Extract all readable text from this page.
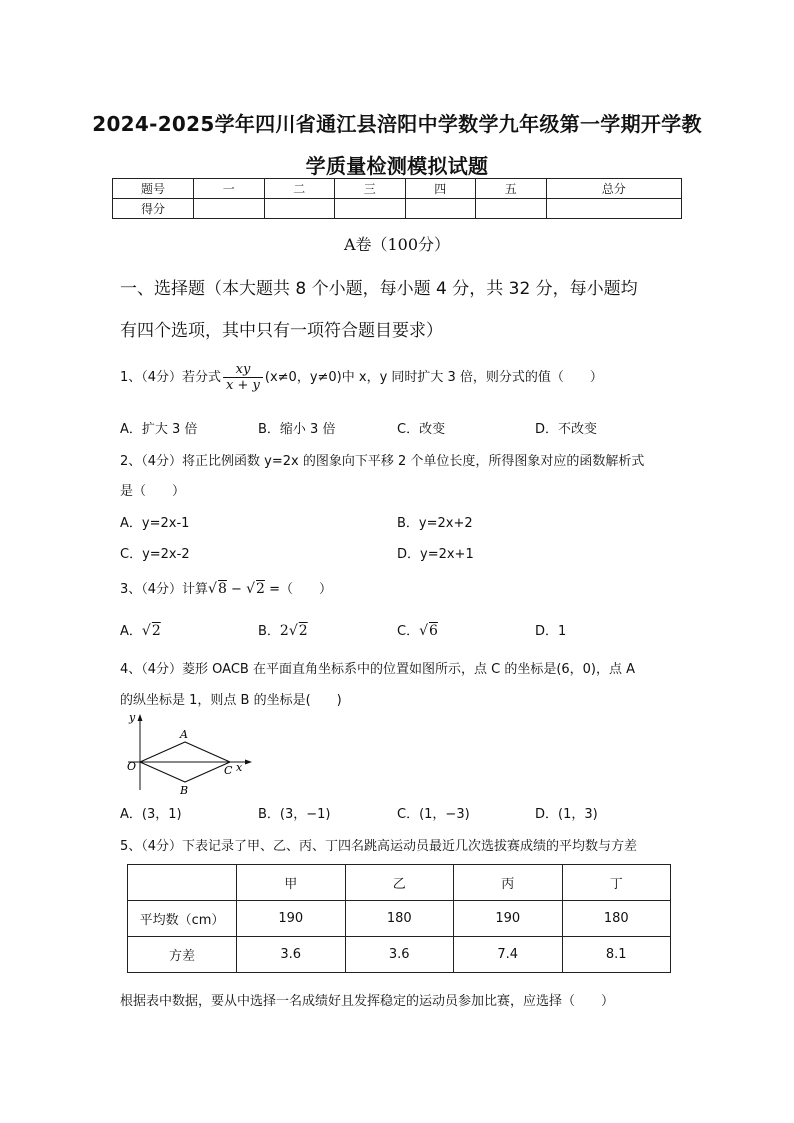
2024-2025学年四川省通江县涪阳中学数学九年级第一学期开学教
学质量检测模拟试题
题号	一	二	三	四	五	总分
得分						
A卷（100分）
一、选择题（本大题共 8 个小题，每小题 4 分，共 32 分，每小题均
有四个选项，其中只有一项符合题目要求）
1、（4分）若分式 $\frac{xy}{x + y} (x\ne 0$，y≠0)中 x，y 同时扩大 3 倍，则分式的值（　　）
A．扩大 3 倍	B．缩小 3 倍	C．改变	D．不改变
2、（4分）将正比例函数 y=2x 的图象向下平移 2 个单位长度，所得图象对应的函数解析式
是（　　）
A．y=2x-1	B．y=2x+2
C．y=2x-2	D．y=2x+1
3、（4分）计算√8 − √2 =（　　）
A．√2	B．2√2	C．√6	D．1
4、（4分）菱形 OACB 在平面直角坐标系中的位置如图所示，点 C 的坐标是(6，0)，点 A
的纵坐标是 1，则点 B 的坐标是(　　)
y
x
O
A
B
C
A．(3，1)	B．(3，−1)	C．(1，−3)	D．(1，3)
5、（4分）下表记录了甲、乙、丙、丁四名跳高运动员最近几次选拔赛成绩的平均数与方差
	甲	乙	丙	丁
平均数（cm）	190	180	190	180
方差	3.6	3.6	7.4	8.1
根据表中数据，要从中选择一名成绩好且发挥稳定的运动员参加比赛，应选择（　　）
